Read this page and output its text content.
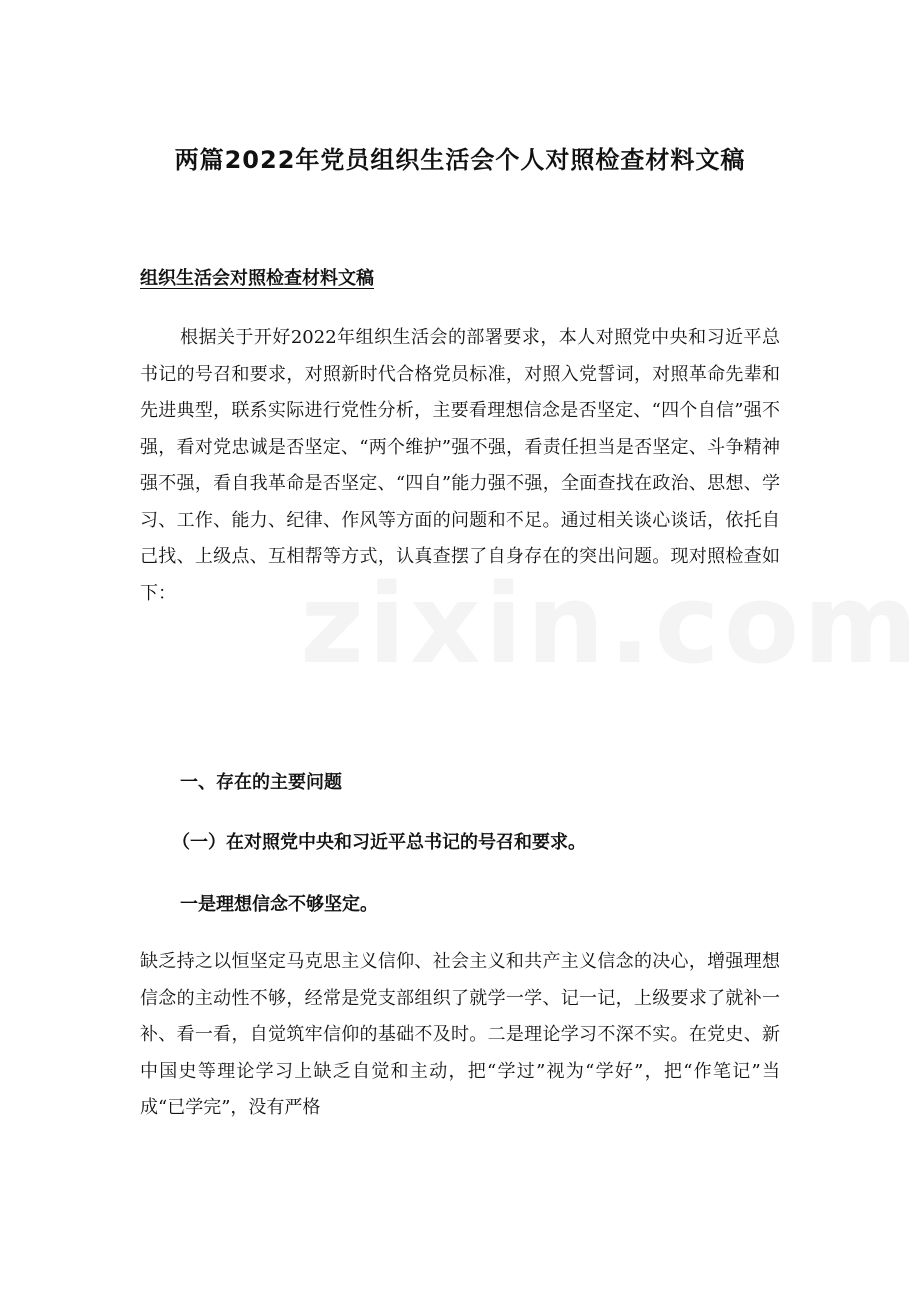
两篇2022年党员组织生活会个人对照检查材料文稿
组织生活会对照检查材料文稿

根据关于开好2022年组织生活会的部署要求，本人对照党中央和习近平总书记的号召和要求，对照新时代合格党员标准，对照入党誓词，对照革命先辈和先进典型，联系实际进行党性分析，主要看理想信念是否坚定、“四个自信”强不强，看对党忠诚是否坚定、“两个维护”强不强，看责任担当是否坚定、斗争精神强不强，看自我革命是否坚定、“四自”能力强不强，全面查找在政治、思想、学习、工作、能力、纪律、作风等方面的问题和不足。通过相关谈心谈话，依托自己找、上级点、互相帮等方式，认真查摆了自身存在的突出问题。现对照检查如下：

一、存在的主要问题
（一）在对照党中央和习近平总书记的号召和要求。
一是理想信念不够坚定。

缺乏持之以恒坚定马克思主义信仰、社会主义和共产主义信念的决心，增强理想信念的主动性不够，经常是党支部组织了就学一学、记一记，上级要求了就补一补、看一看，自觉筑牢信仰的基础不及时。二是理论学习不深不实。在党史、新中国史等理论学习上缺乏自觉和主动，把“学过”视为“学好”，把“作笔记”当成“已学完”，没有严格
